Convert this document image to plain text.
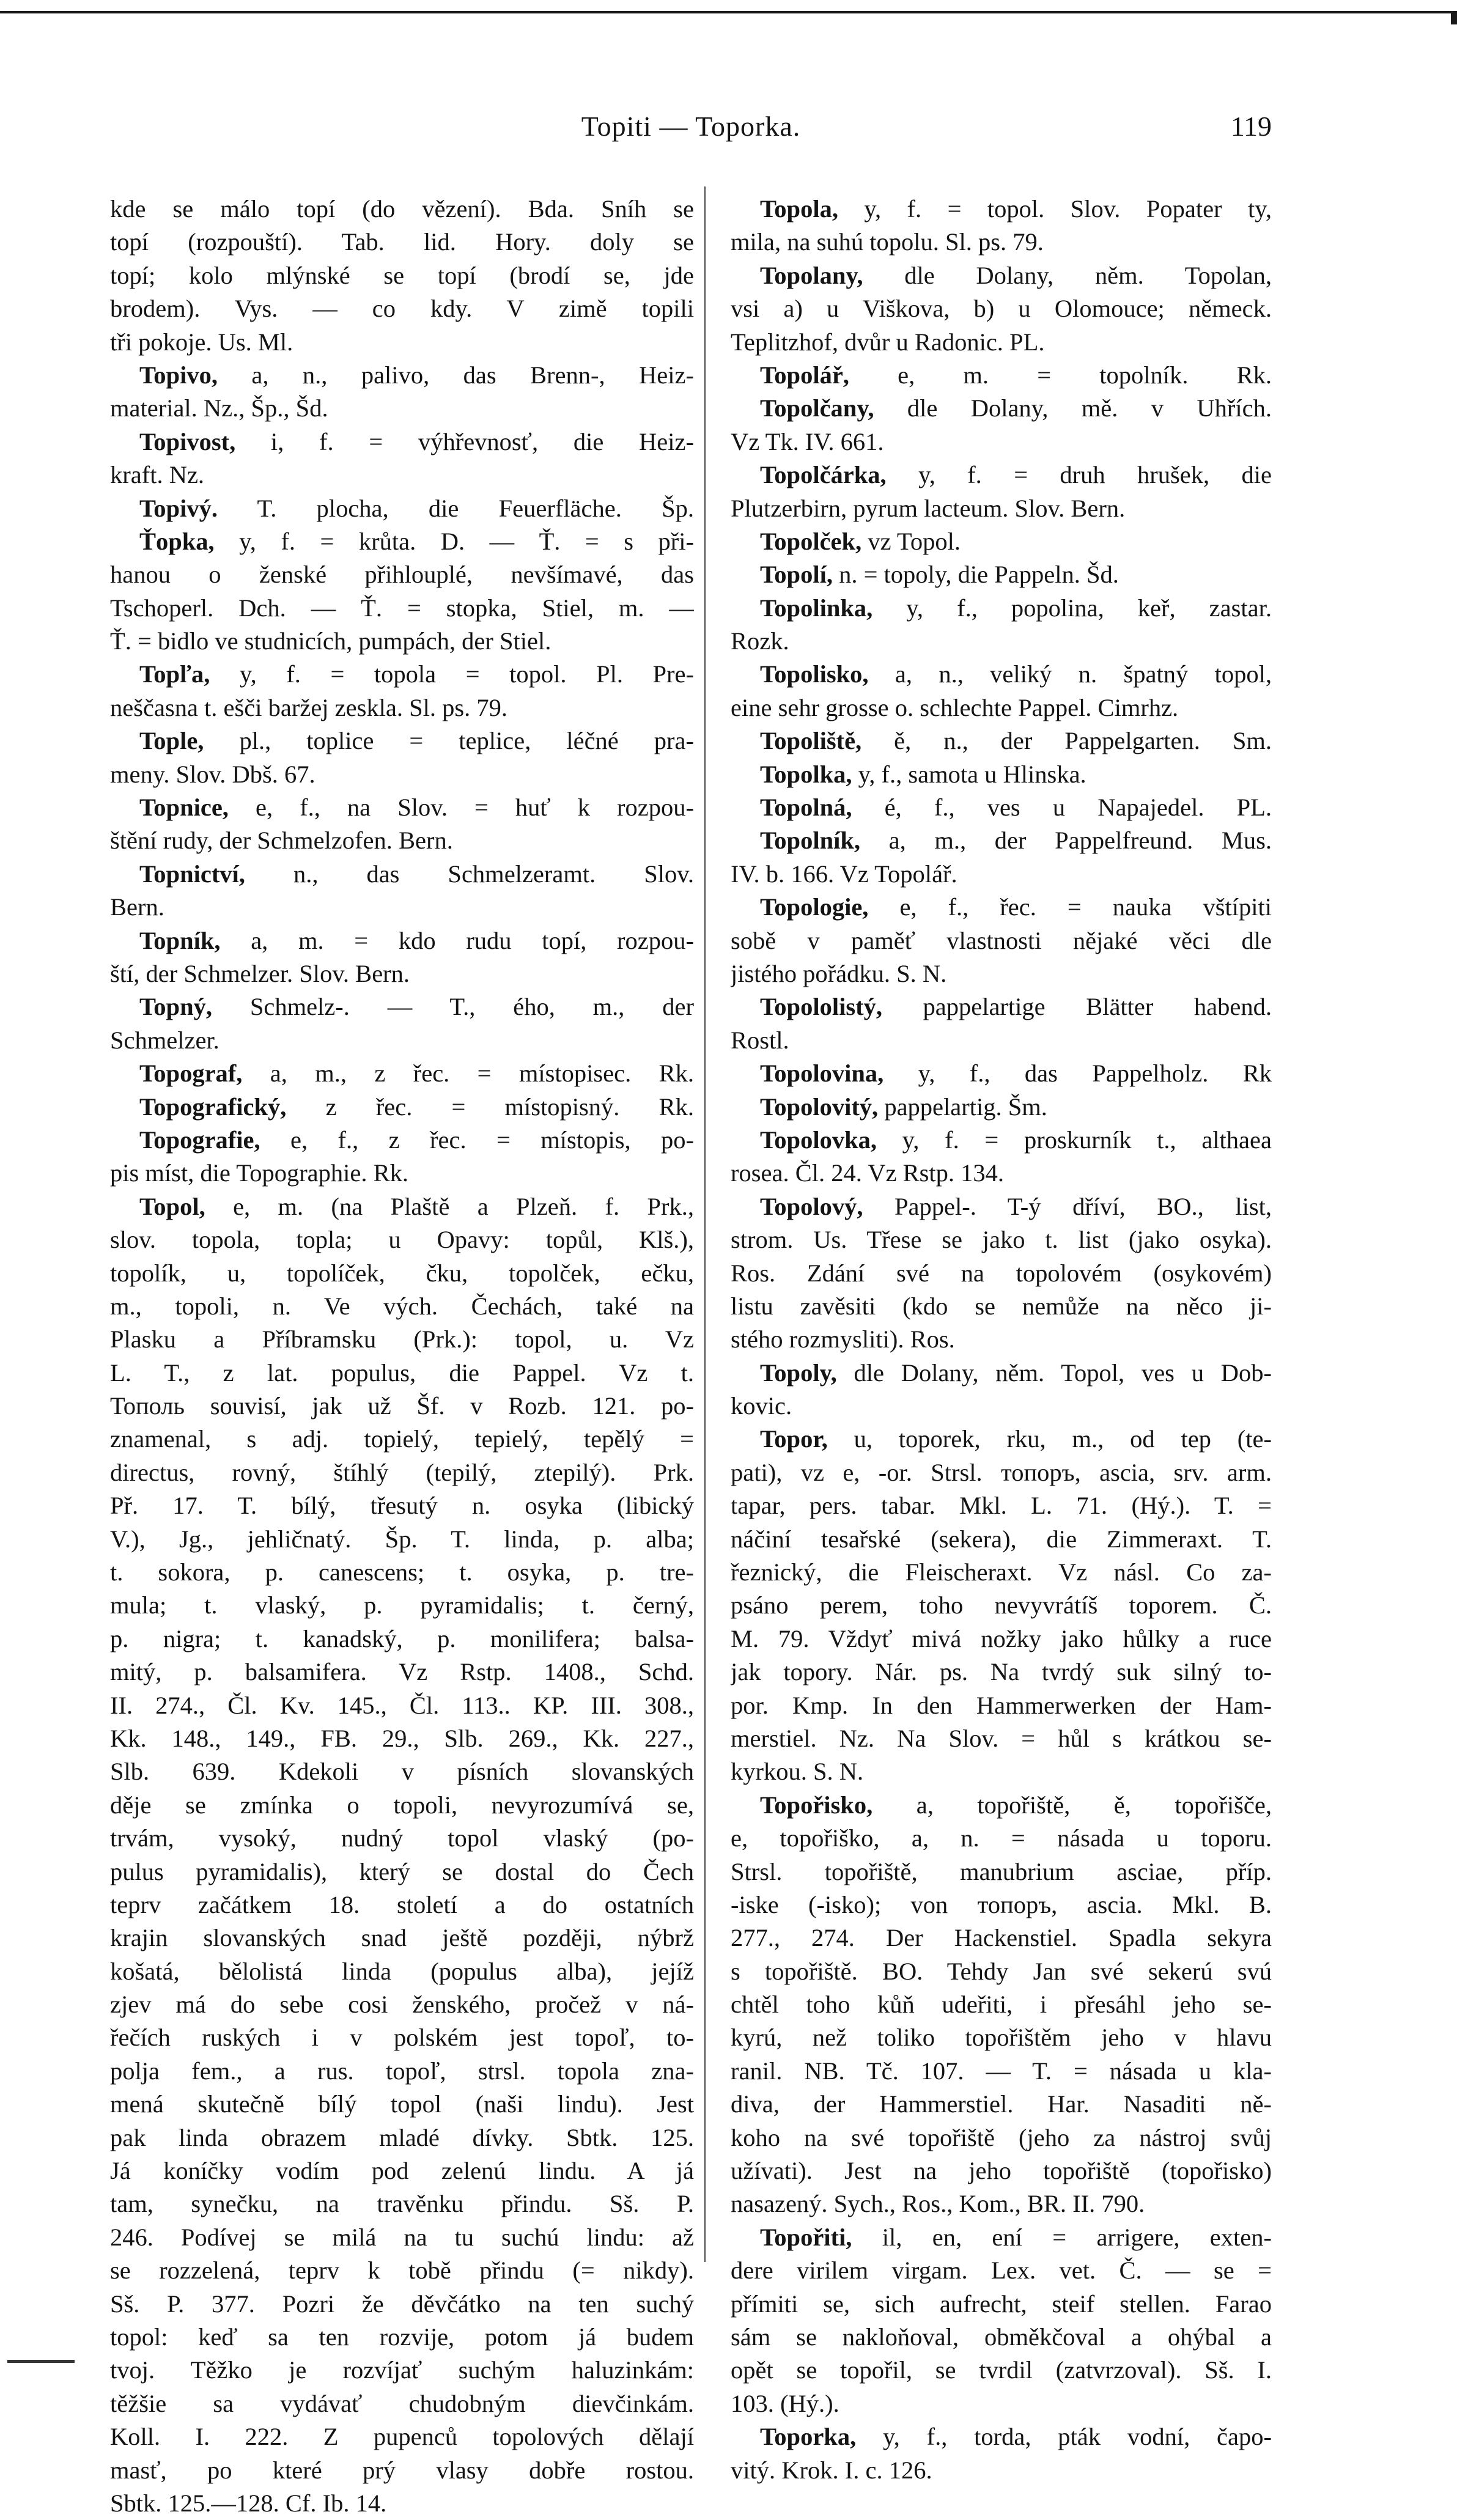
Topiti — Toporka.	119
kde se málo topí (do vězení). Bda. Sníh se
topí (rozpouští). Tab. lid. Hory. doly se
topí; kolo mlýnské se topí (brodí se, jde
brodem). Vys. — co kdy. V zimě topili
tři pokoje. Us. Ml.
Topivo, a, n., palivo, das Brenn-, Heiz-
material. Nz., Šp., Šd.
Topivost, i, f. = výhřevnosť, die Heiz-
kraft. Nz.
Topivý. T. plocha, die Feuerfläche. Šp.
Ťopka, y, f. = krůta. D. — Ť. = s při-
hanou o ženské přihlouplé, nevšímavé, das
Tschoperl. Dch. — Ť. = stopka, Stiel, m. —
Ť. = bidlo ve studnicích, pumpách, der Stiel.
Topľa, y, f. = topola = topol. Pl. Pre-
neščasna t. ešči baržej zeskla. Sl. ps. 79.
Tople, pl., toplice = teplice, léčné pra-
meny. Slov. Dbš. 67.
Topnice, e, f., na Slov. = huť k rozpou-
štění rudy, der Schmelzofen. Bern.
Topnictví, n., das Schmelzeramt. Slov.
Bern.
Topník, a, m. = kdo rudu topí, rozpou-
ští, der Schmelzer. Slov. Bern.
Topný, Schmelz-. — T., ého, m., der
Schmelzer.
Topograf, a, m., z řec. = místopisec. Rk.
Topografický, z řec. = místopisný. Rk.
Topografie, e, f., z řec. = místopis, po-
pis míst, die Topographie. Rk.
Topol, e, m. (na Plaště a Plzeň. f. Prk.,
slov. topola, topla; u Opavy: topůl, Klš.),
topolík, u, topolíček, čku, topolček, ečku,
m., topoli, n. Ve vých. Čechách, také na
Plasku a Příbramsku (Prk.): topol, u. Vz
L. T., z lat. populus, die Pappel. Vz t.
Тополь souvisí, jak už Šf. v Rozb. 121. po-
znamenal, s adj. topielý, tepielý, tepělý =
directus, rovný, štíhlý (tepilý, ztepilý). Prk.
Př. 17. T. bílý, třesutý n. osyka (libický
V.), Jg., jehličnatý. Šp. T. linda, p. alba;
t. sokora, p. canescens; t. osyka, p. tre-
mula; t. vlaský, p. pyramidalis; t. černý,
p. nigra; t. kanadský, p. monilifera; balsa-
mitý, p. balsamifera. Vz Rstp. 1408., Schd.
II. 274., Čl. Kv. 145., Čl. 113.. KP. III. 308.,
Kk. 148., 149., FB. 29., Slb. 269., Kk. 227.,
Slb. 639. Kdekoli v písních slovanských
děje se zmínka o topoli, nevyrozumívá se,
trvám, vysoký, nudný topol vlaský (po-
pulus pyramidalis), který se dostal do Čech
teprv začátkem 18. století a do ostatních
krajin slovanských snad ještě později, nýbrž
košatá, bělolistá linda (populus alba), jejíž
zjev má do sebe cosi ženského, pročež v ná-
řečích ruských i v polském jest topoľ, to-
polja fem., a rus. topoľ, strsl. topola zna-
mená skutečně bílý topol (naši lindu). Jest
pak linda obrazem mladé dívky. Sbtk. 125.
Já koníčky vodím pod zelenú lindu. A já
tam, synečku, na travěnku přindu. Sš. P.
246. Podívej se milá na tu suchú lindu: až
se rozzelená, teprv k tobě přindu (= nikdy).
Sš. P. 377. Pozri že děvčátko na ten suchý
topol: keď sa ten rozvije, potom já budem
tvoj. Těžko je rozvíjať suchým haluzinkám:
těžšie sa vydávať chudobným dievčinkám.
Koll. I. 222. Z pupenců topolových dělají
masť, po které prý vlasy dobře rostou.
Sbtk. 125.—128. Cf. Ib. 14.
Topola, y, f. = topol. Slov. Popater ty,
mila, na suhú topolu. Sl. ps. 79.
Topolany, dle Dolany, něm. Topolan,
vsi a) u Viškova, b) u Olomouce; německ.
Teplitzhof, dvůr u Radonic. PL.
Topolář, e, m. = topolník. Rk.
Topolčany, dle Dolany, mě. v Uhřích.
Vz Tk. IV. 661.
Topolčárka, y, f. = druh hrušek, die
Plutzerbirn, pyrum lacteum. Slov. Bern.
Topolček, vz Topol.
Topolí, n. = topoly, die Pappeln. Šd.
Topolinka, y, f., popolina, keř, zastar.
Rozk.
Topolisko, a, n., veliký n. špatný topol,
eine sehr grosse o. schlechte Pappel. Cimrhz.
Topoliště, ě, n., der Pappelgarten. Sm.
Topolka, y, f., samota u Hlinska.
Topolná, é, f., ves u Napajedel. PL.
Topolník, a, m., der Pappelfreund. Mus.
IV. b. 166. Vz Topolář.
Topologie, e, f., řec. = nauka vštípiti
sobě v paměť vlastnosti nějaké věci dle
jistého pořádku. S. N.
Topololistý, pappelartige Blätter habend.
Rostl.
Topolovina, y, f., das Pappelholz. Rk
Topolovitý, pappelartig. Šm.
Topolovka, y, f. = proskurník t., althaea
rosea. Čl. 24. Vz Rstp. 134.
Topolový, Pappel-. T-ý dříví, BO., list,
strom. Us. Třese se jako t. list (jako osyka).
Ros. Zdání své na topolovém (osykovém)
listu zavěsiti (kdo se nemůže na něco ji-
stého rozmysliti). Ros.
Topoly, dle Dolany, něm. Topol, ves u Dob-
kovic.
Topor, u, toporek, rku, m., od tep (te-
pati), vz e, -or. Strsl. топоръ, ascia, srv. arm.
tapar, pers. tabar. Mkl. L. 71. (Hý.). T. =
náčiní tesařské (sekera), die Zimmeraxt. T.
řeznický, die Fleischeraxt. Vz násl. Co za-
psáno perem, toho nevyvrátíš toporem. Č.
M. 79. Vždyť mivá nožky jako hůlky a ruce
jak topory. Nár. ps. Na tvrdý suk silný to-
por. Kmp. In den Hammerwerken der Ham-
merstiel. Nz. Na Slov. = hůl s krátkou se-
kyrkou. S. N.
Topořisko, a, topořiště, ě, topořišče,
e, topořiško, a, n. = násada u toporu.
Strsl. topořiště, manubrium asciae, příp.
-iske (-isko); von топоръ, ascia. Mkl. B.
277., 274. Der Hackenstiel. Spadla sekyra
s topořiště. BO. Tehdy Jan své sekerú svú
chtěl toho kůň udeřiti, i přesáhl jeho se-
kyrú, než toliko topořištěm jeho v hlavu
ranil. NB. Tč. 107. — T. = násada u kla-
diva, der Hammerstiel. Har. Nasaditi ně-
koho na své topořiště (jeho za nástroj svůj
užívati). Jest na jeho topořiště (topořisko)
nasazený. Sych., Ros., Kom., BR. II. 790.
Topořiti, il, en, ení = arrigere, exten-
dere virilem virgam. Lex. vet. Č. — se =
přímiti se, sich aufrecht, steif stellen. Farao
sám se nakloňoval, obměkčoval a ohýbal a
opět se topořil, se tvrdil (zatvrzoval). Sš. I.
103. (Hý.).
Toporka, y, f., torda, pták vodní, čapo-
vitý. Krok. I. c. 126.
